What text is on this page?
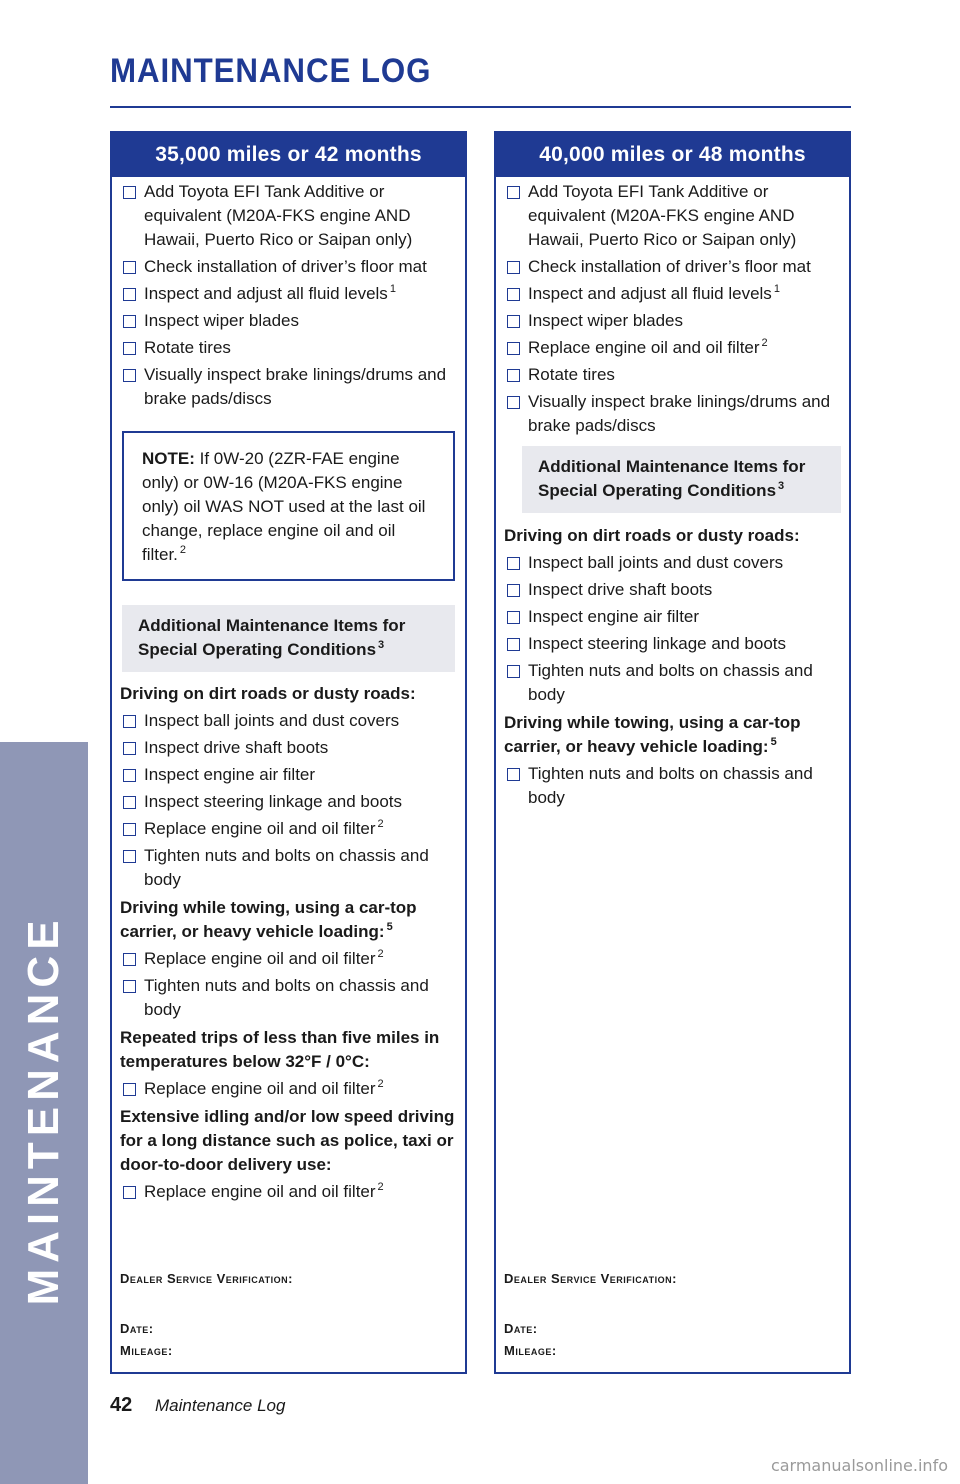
MAINTENANCE
MAINTENANCE LOG
35,000 miles or 42 months
Add Toyota EFI Tank Additive or equivalent (M20A-FKS engine AND Hawaii, Puerto Rico or Saipan only)
Check installation of driver’s floor mat
Inspect and adjust all fluid levels $^1$
Inspect wiper blades
Rotate tires
Visually inspect brake linings/drums and brake pads/discs
NOTE: If 0W-20 (2ZR-FAE engine only) or 0W-16 (M20A-FKS engine only) oil WAS NOT used at the last oil change, replace engine oil and oil filter. $^2$
Additional Maintenance Items for Special Operating Conditions $^3$
Driving on dirt roads or dusty roads:
Inspect ball joints and dust covers
Inspect drive shaft boots
Inspect engine air filter
Inspect steering linkage and boots
Replace engine oil and oil filter $^2$
Tighten nuts and bolts on chassis and body
Driving while towing, using a car-top carrier, or heavy vehicle loading: $^5$
Replace engine oil and oil filter $^2$
Tighten nuts and bolts on chassis and body
Repeated trips of less than five miles in temperatures below 32°F / 0°C:
Replace engine oil and oil filter $^2$
Extensive idling and/or low speed driving for a long distance such as police, taxi or door-to-door delivery use:
Replace engine oil and oil filter $^2$
Dealer Service Verification:
Date:
Mileage:
40,000 miles or 48 months
Add Toyota EFI Tank Additive or equivalent (M20A-FKS engine AND Hawaii, Puerto Rico or Saipan only)
Check installation of driver’s floor mat
Inspect and adjust all fluid levels $^1$
Inspect wiper blades
Replace engine oil and oil filter $^2$
Rotate tires
Visually inspect brake linings/drums and brake pads/discs
Additional Maintenance Items for Special Operating Conditions $^3$
Driving on dirt roads or dusty roads:
Inspect ball joints and dust covers
Inspect drive shaft boots
Inspect engine air filter
Inspect steering linkage and boots
Tighten nuts and bolts on chassis and body
Driving while towing, using a car-top carrier, or heavy vehicle loading: $^5$
Tighten nuts and bolts on chassis and body
Dealer Service Verification:
Date:
Mileage:
42 Maintenance Log
carmanualsonline.info
